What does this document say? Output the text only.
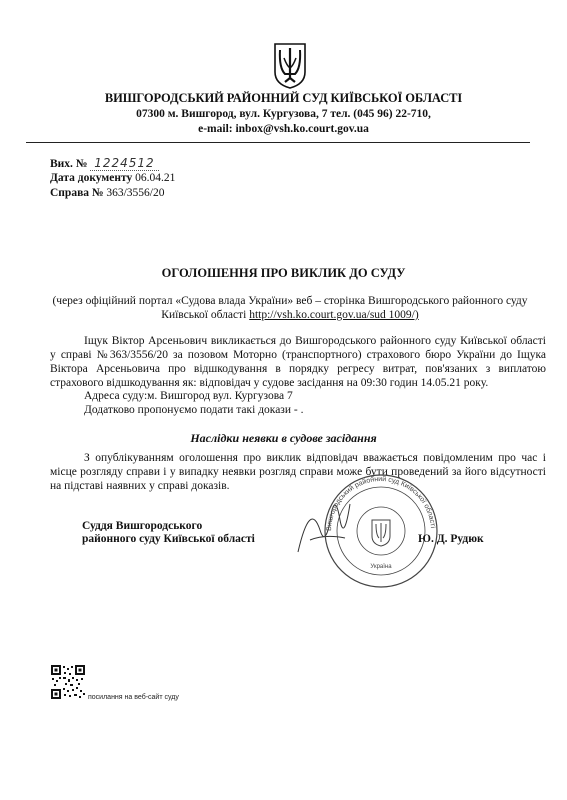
ВИШГОРОДСЬКИЙ РАЙОННИЙ СУД КИЇВСЬКОЇ ОБЛАСТІ
07300 м. Вишгород, вул. Кургузова, 7 тел. (045 96) 22-710,
e-mail: inbox@vsh.ko.court.gov.ua
Вих. № 1224512
Дата документу 06.04.21
Справа № 363/3556/20
ОГОЛОШЕННЯ ПРО ВИКЛИК ДО СУДУ
(через офіційний портал «Судова влада України» веб – сторінка Вишгородського районного суду Київської області http://vsh.ko.court.gov.ua/sud 1009/)
Іщук Віктор Арсеньович викликається до Вишгородського районного суду Київської області у справі №363/3556/20 за позовом Моторно (транспортного) страхового бюро України до Іщука Віктора Арсеньовича про відшкодування в порядку регресу витрат, пов'язаних з виплатою страхового відшкодування як: відповідач у судове засідання на 09:30 годин 14.05.21 року.
Адреса суду:м. Вишгород вул. Кургузова 7
Додатково пропонуємо подати такі докази - .
Наслідки неявки в судове засідання
З опублікуванням оголошення про виклик відповідач вважається повідомленим про час і місце розгляду справи і у випадку неявки розгляд справи може бути проведений за його відсутності на підставі наявних у справі доказів.
Суддя Вишгородського
районного суду Київської області
Вишгородський районний суд Київської області
Україна
Ю. Д. Рудюк
посилання на веб-сайт суду
